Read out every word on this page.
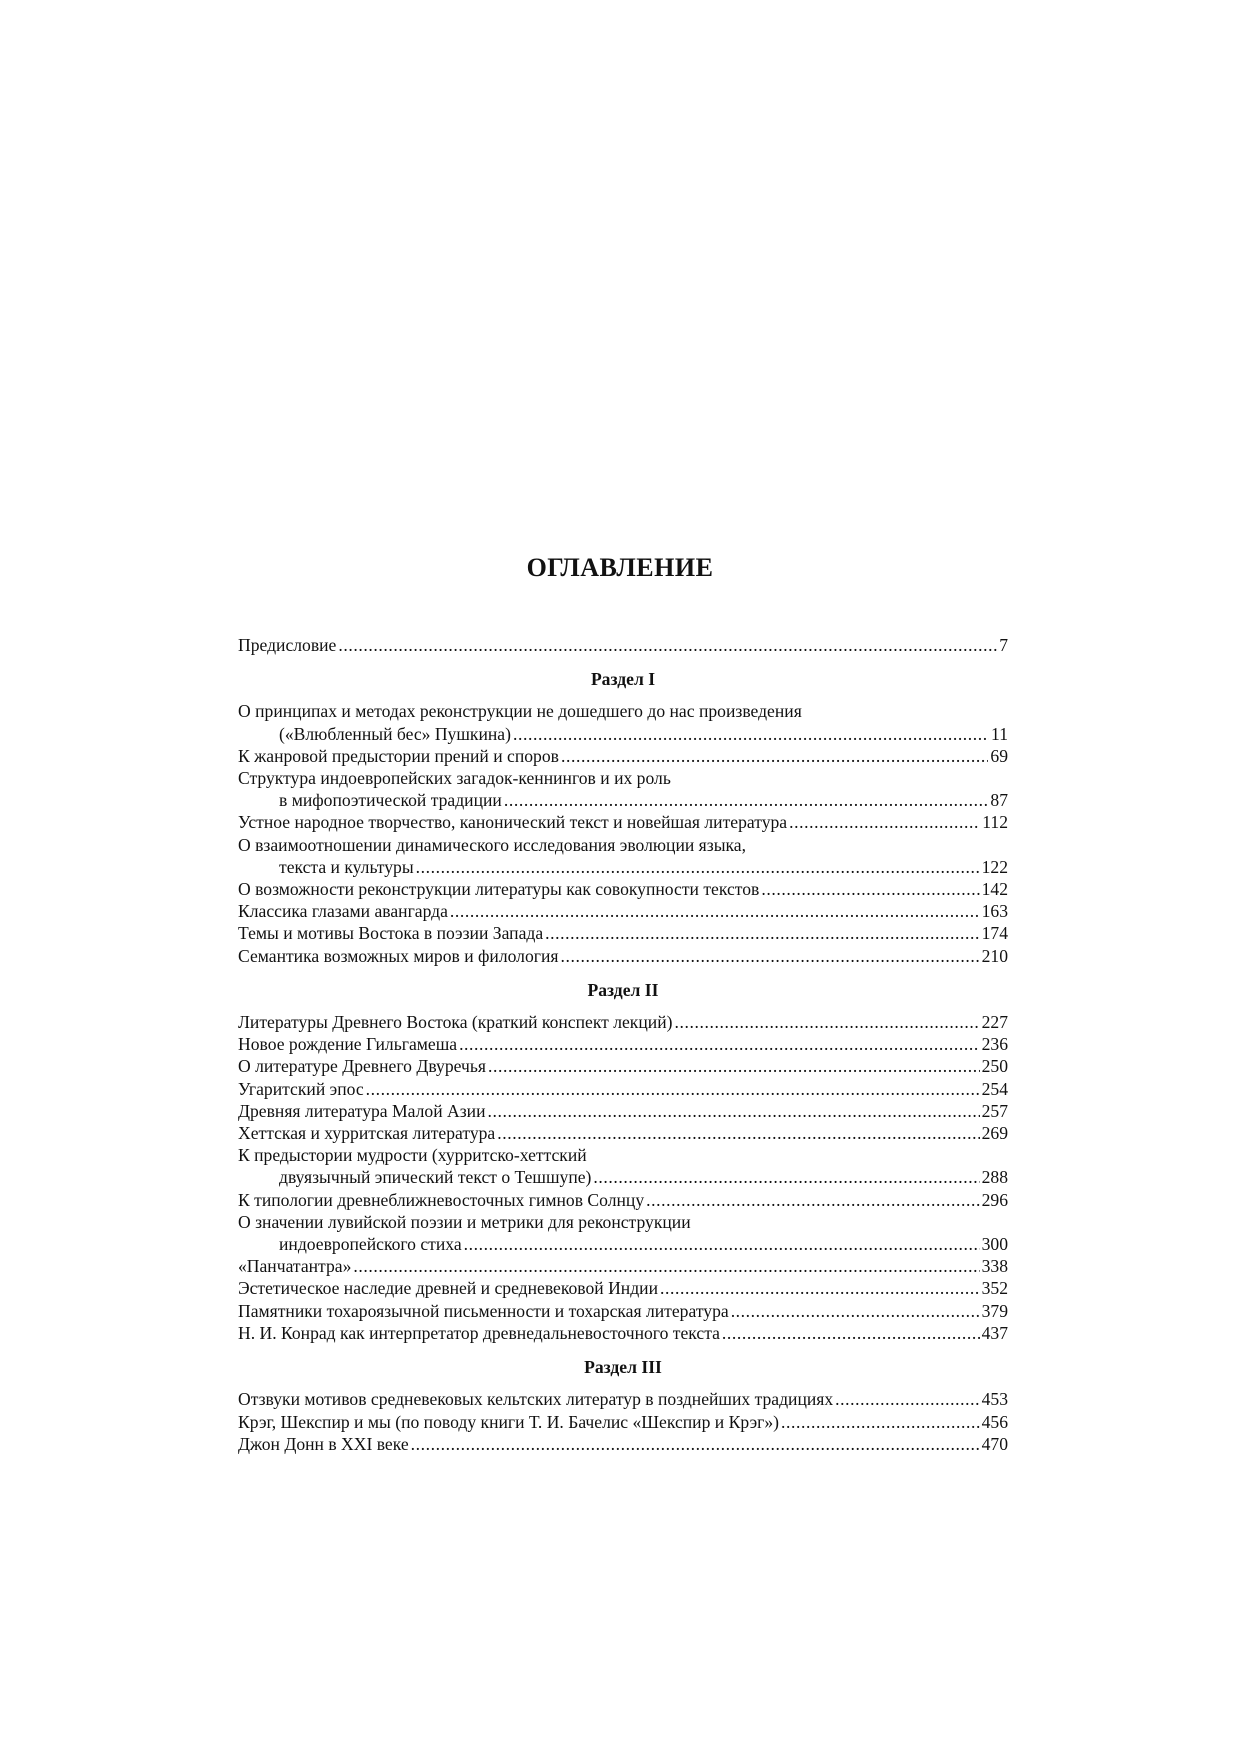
ОГЛАВЛЕНИЕ
Предисловие .....	7
Раздел I
О принципах и методах реконструкции не дошедшего до нас произведения
(«Влюбленный бес» Пушкина) .....	11
К жанровой предыстории прений и споров .....	69
Структура индоевропейских загадок-кеннингов и их роль
в мифопоэтической традиции .....	87
Устное народное творчество, канонический текст и новейшая литература .....	112
О взаимоотношении динамического исследования эволюции языка,
текста и культуры .....	122
О возможности реконструкции литературы как совокупности текстов .....	142
Классика глазами авангарда .....	163
Темы и мотивы Востока в поэзии Запада .....	174
Семантика возможных миров и филология .....	210
Раздел II
Литературы Древнего Востока (краткий конспект лекций) .....	227
Новое рождение Гильгамеша .....	236
О литературе Древнего Двуречья .....	250
Угаритский эпос .....	254
Древняя литература Малой Азии .....	257
Хеттская и хурритская литература .....	269
К предыстории мудрости (хурритско-хеттский
двуязычный эпический текст о Тешшупе) .....	288
К типологии древнеближневосточных гимнов Солнцу .....	296
О значении лувийской поэзии и метрики для реконструкции
индоевропейского стиха .....	300
«Панчатантра» .....	338
Эстетическое наследие древней и средневековой Индии .....	352
Памятники тохароязычной письменности и тохарская литература .....	379
Н. И. Конрад как интерпретатор древнедальневосточного текста .....	437
Раздел III
Отзвуки мотивов средневековых кельтских литератур в позднейших традициях .....	453
Крэг, Шекспир и мы (по поводу книги Т. И. Бачелис «Шекспир и Крэг») .....	456
Джон Донн в XXI веке .....	470
